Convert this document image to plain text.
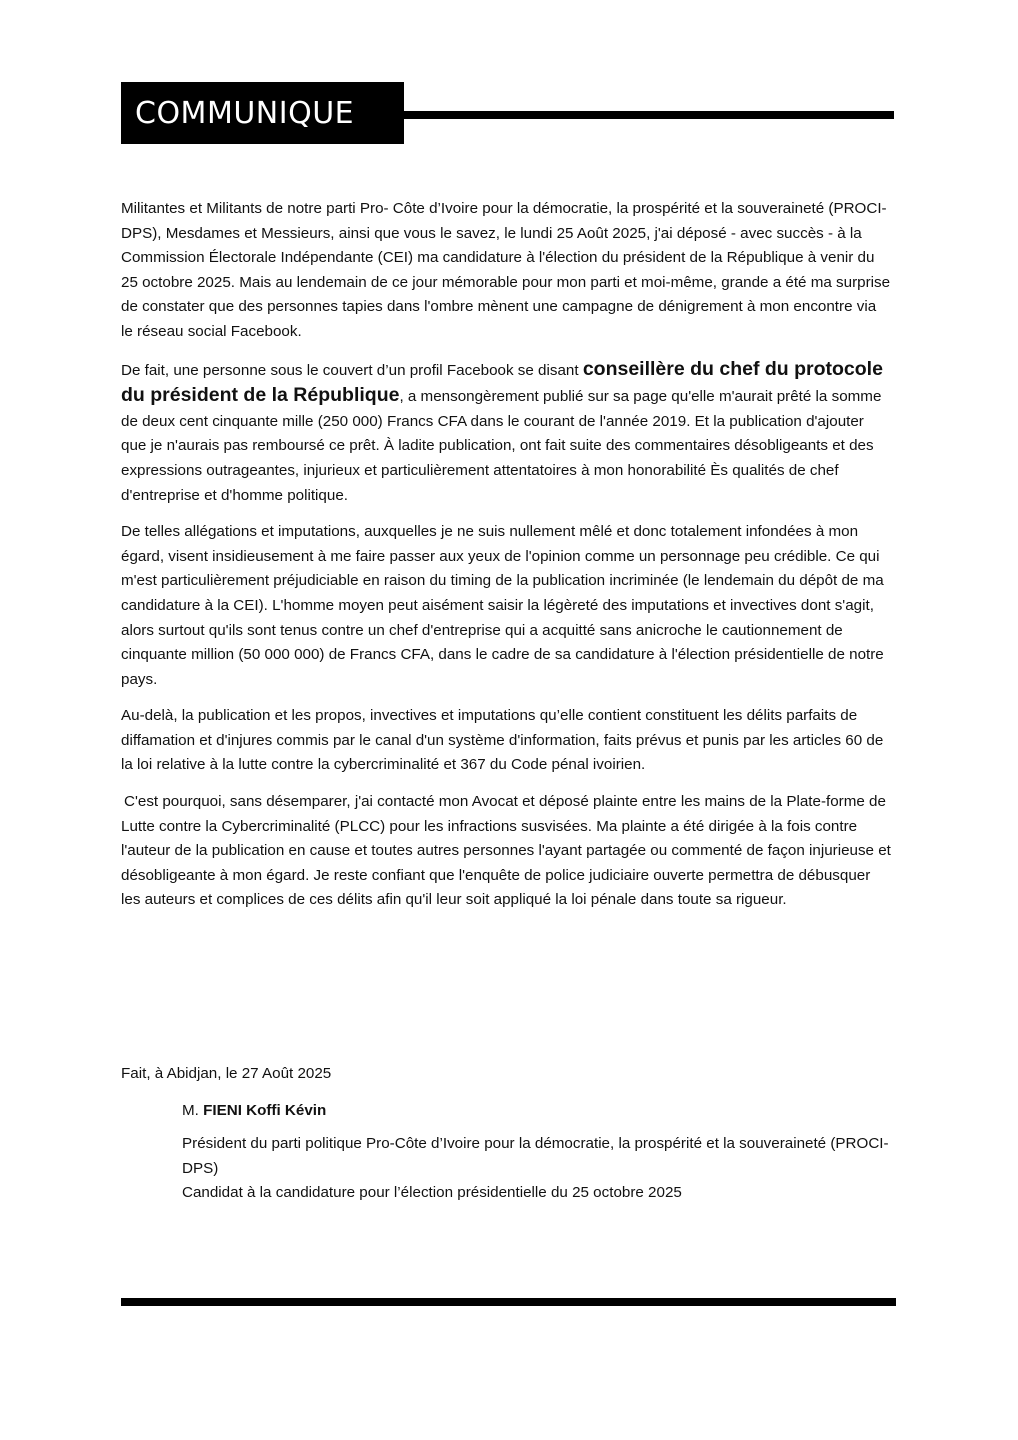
COMMUNIQUE

Militantes et Militants de notre parti Pro- Côte d’Ivoire pour la démocratie, la prospérité et la souveraineté (PROCI-DPS), Mesdames et Messieurs, ainsi que vous le savez, le lundi 25 Août 2025, j'ai déposé - avec succès - à la Commission Électorale Indépendante (CEI) ma candidature à l'élection du président de la République à venir du 25 octobre 2025. Mais au lendemain de ce jour mémorable pour mon parti et moi-même, grande a été ma surprise de constater que des personnes tapies dans l'ombre mènent une campagne de dénigrement à mon encontre via le réseau social Facebook.

De fait, une personne sous le couvert d’un profil Facebook se disant conseillère du chef du protocole du président de la République, a mensongèrement publié sur sa page qu'elle m'aurait prêté la somme de deux cent cinquante mille (250 000) Francs CFA dans le courant de l'année 2019. Et la publication d'ajouter que je n'aurais pas remboursé ce prêt. À ladite publication, ont fait suite des commentaires désobligeants et des expressions outrageantes, injurieux et particulièrement attentatoires à mon honorabilité Ès qualités de chef d'entreprise et d'homme politique.

De telles allégations et imputations, auxquelles je ne suis nullement mêlé et donc totalement infondées à mon égard, visent insidieusement à me faire passer aux yeux de l'opinion comme un personnage peu crédible. Ce qui m'est particulièrement préjudiciable en raison du timing de la publication incriminée (le lendemain du dépôt de ma candidature à la CEI). L'homme moyen peut aisément saisir la légèreté des imputations et invectives dont s'agit, alors surtout qu'ils sont tenus contre un chef d'entreprise qui a acquitté sans anicroche le cautionnement de cinquante million (50 000 000) de Francs CFA, dans le cadre de sa candidature à l'élection présidentielle de notre pays.

Au-delà, la publication et les propos, invectives et imputations qu’elle contient constituent les délits parfaits de diffamation et d'injures commis par le canal d'un système d'information, faits prévus et punis par les articles 60 de la loi relative à la lutte contre la cybercriminalité et 367 du Code pénal ivoirien.

C'est pourquoi, sans désemparer, j'ai contacté mon Avocat et déposé plainte entre les mains de la Plate-forme de Lutte contre la Cybercriminalité (PLCC) pour les infractions susvisées. Ma plainte a été dirigée à la fois contre l'auteur de la publication en cause et toutes autres personnes l'ayant partagée ou commenté de façon injurieuse et désobligeante à mon égard. Je reste confiant que l'enquête de police judiciaire ouverte permettra de débusquer les auteurs et complices de ces délits afin qu'il leur soit appliqué la loi pénale dans toute sa rigueur.

Fait, à Abidjan, le 27 Août 2025

M. FIENI Koffi Kévin

Président du parti politique Pro-Côte d’Ivoire pour la démocratie, la prospérité et la souveraineté (PROCI-DPS)
Candidat à la candidature pour l’élection présidentielle du 25 octobre 2025
